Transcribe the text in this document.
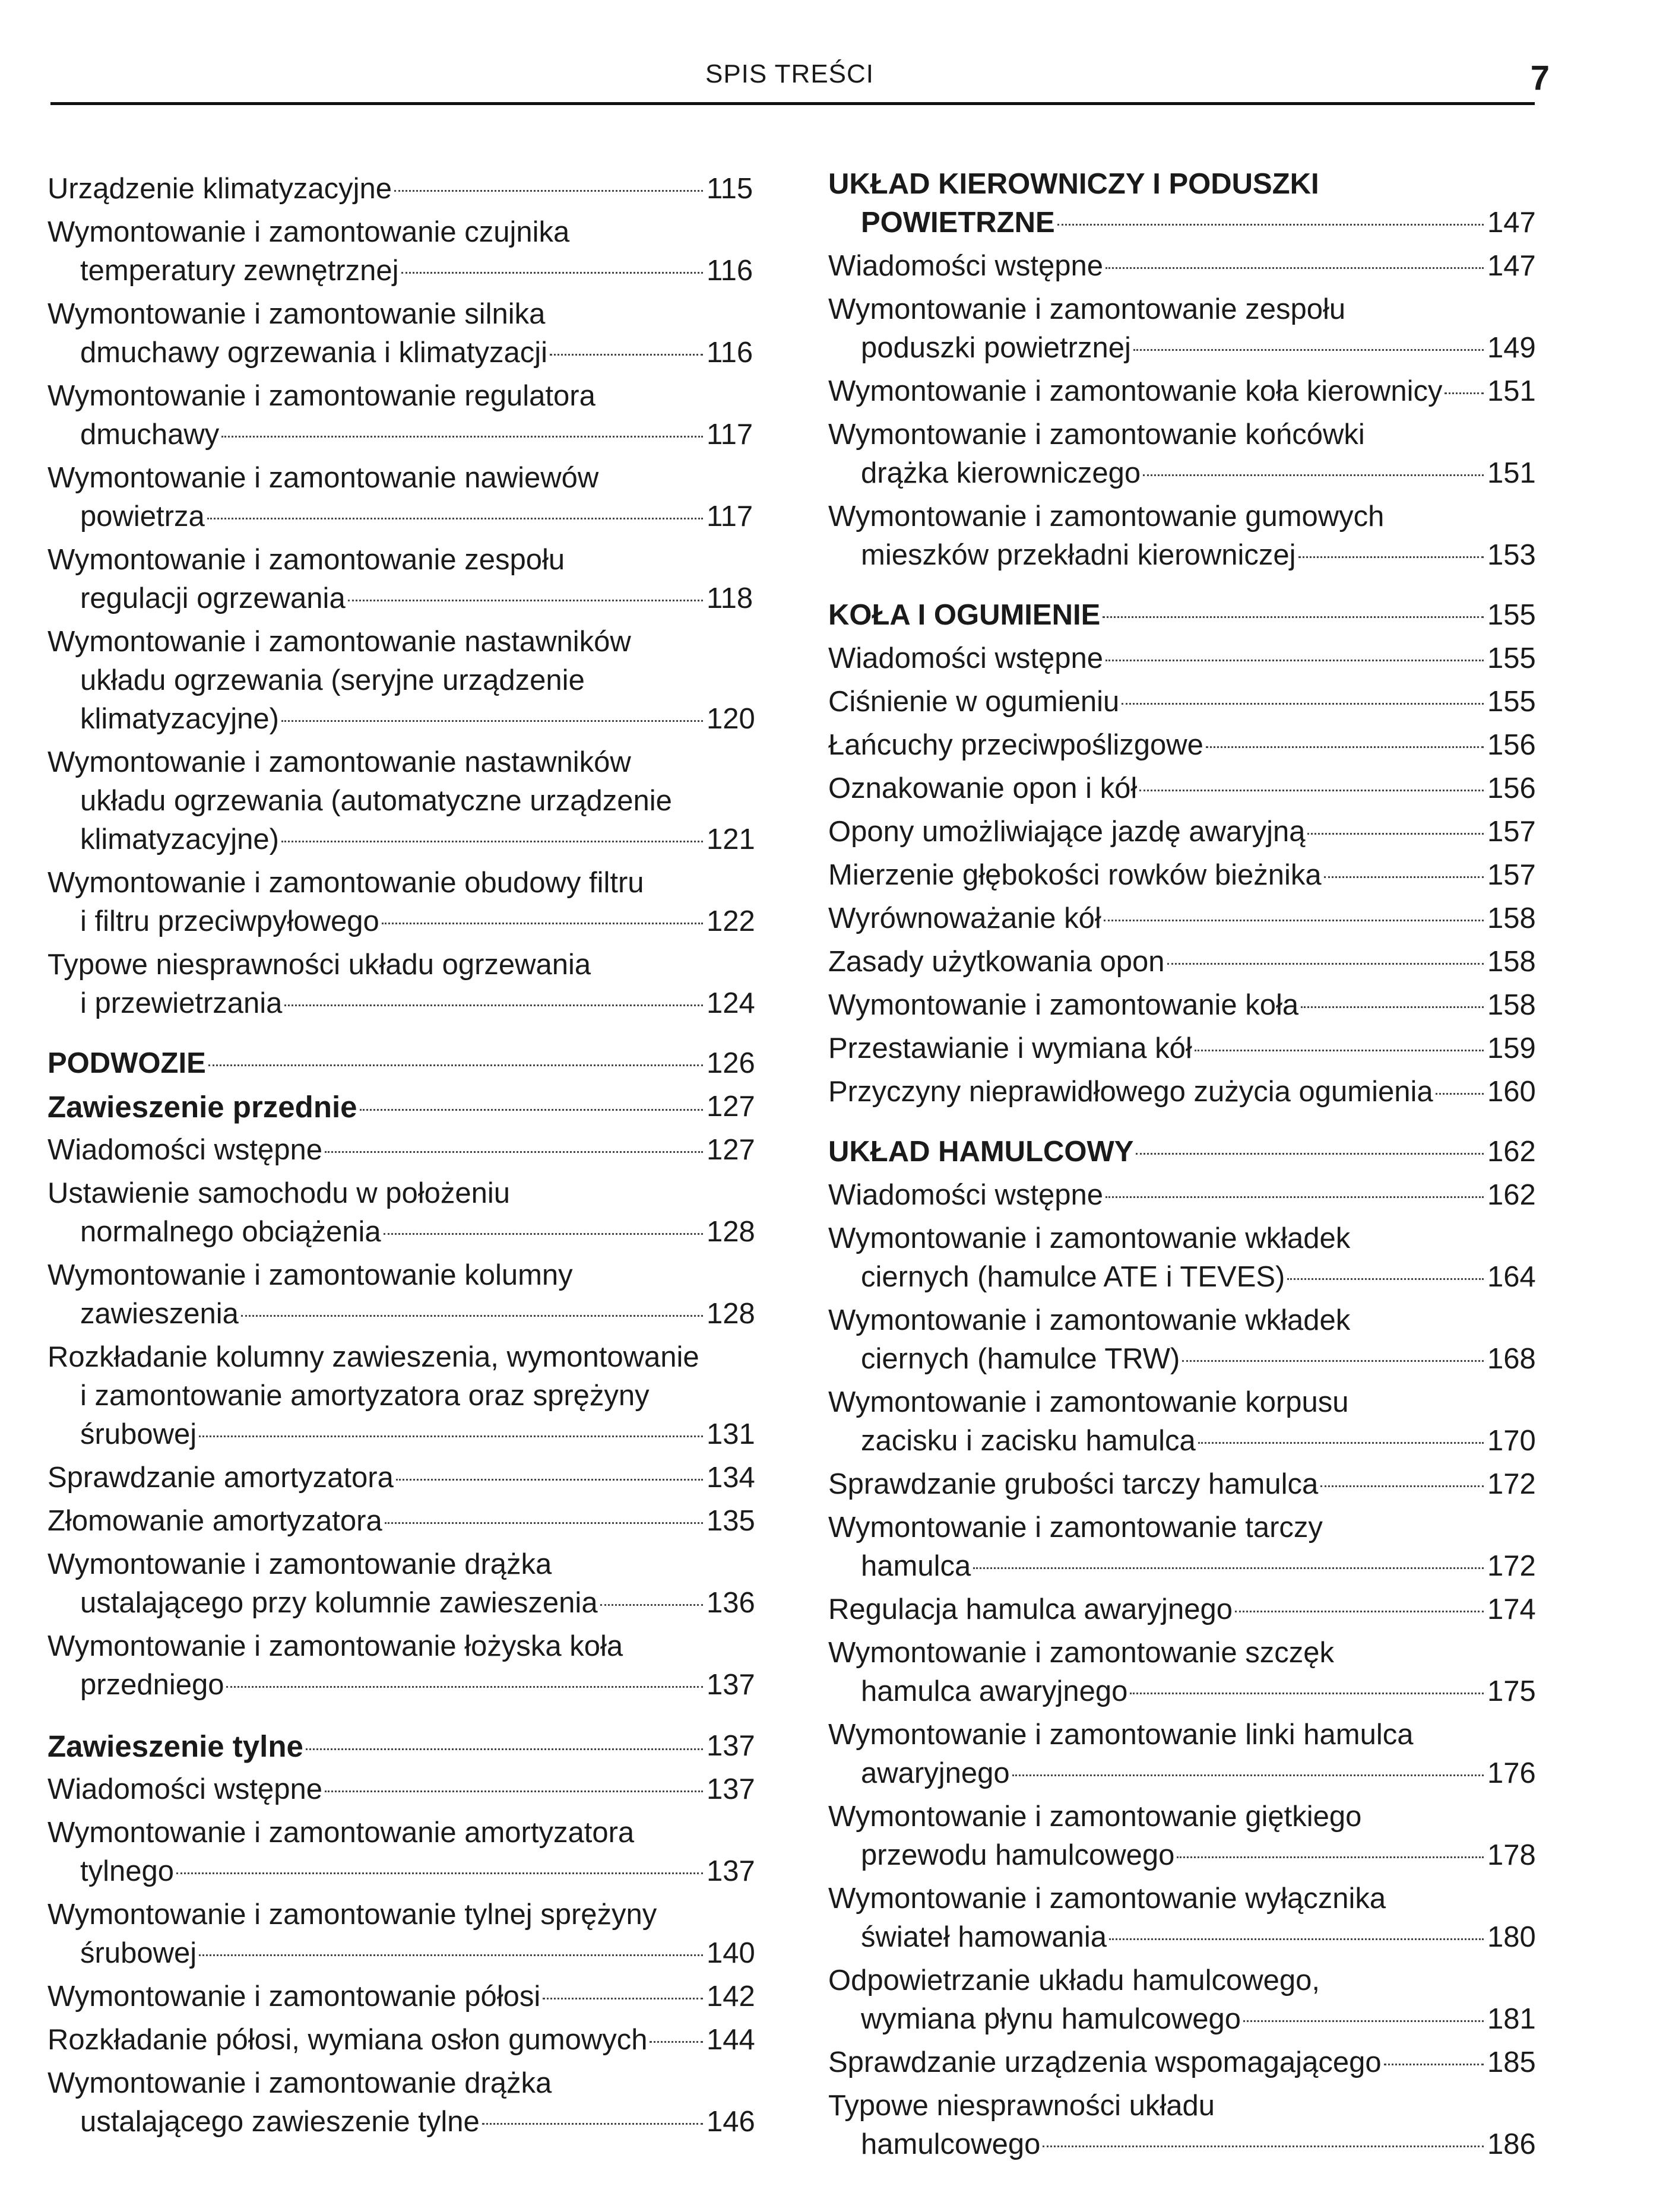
SPIS TREŚCI	7
Urządzenie klimatyzacyjne	115
Wymontowanie i zamontowanie czujnika
temperatury zewnętrznej	116
Wymontowanie i zamontowanie silnika
dmuchawy ogrzewania i klimatyzacji	116
Wymontowanie i zamontowanie regulatora
dmuchawy	117
Wymontowanie i zamontowanie nawiewów
powietrza	117
Wymontowanie i zamontowanie zespołu
regulacji ogrzewania	118
Wymontowanie i zamontowanie nastawników
układu ogrzewania (seryjne urządzenie
klimatyzacyjne)	120
Wymontowanie i zamontowanie nastawników
układu ogrzewania (automatyczne urządzenie
klimatyzacyjne)	121
Wymontowanie i zamontowanie obudowy filtru
i filtru przeciwpyłowego	122
Typowe niesprawności układu ogrzewania
i przewietrzania	124
PODWOZIE	126
Zawieszenie przednie	127
Wiadomości wstępne	127
Ustawienie samochodu w położeniu
normalnego obciążenia	128
Wymontowanie i zamontowanie kolumny
zawieszenia	128
Rozkładanie kolumny zawieszenia, wymontowanie
i zamontowanie amortyzatora oraz sprężyny
śrubowej	131
Sprawdzanie amortyzatora	134
Złomowanie amortyzatora	135
Wymontowanie i zamontowanie drążka
ustalającego przy kolumnie zawieszenia	136
Wymontowanie i zamontowanie łożyska koła
przedniego	137
Zawieszenie tylne	137
Wiadomości wstępne	137
Wymontowanie i zamontowanie amortyzatora
tylnego	137
Wymontowanie i zamontowanie tylnej sprężyny
śrubowej	140
Wymontowanie i zamontowanie półosi	142
Rozkładanie półosi, wymiana osłon gumowych 144
Wymontowanie i zamontowanie drążka
ustalającego zawieszenie tylne	146
UKŁAD KIEROWNICZY I PODUSZKI
POWIETRZNE	147
Wiadomości wstępne	147
Wymontowanie i zamontowanie zespołu
poduszki powietrznej	149
Wymontowanie i zamontowanie koła kierownicy 151
Wymontowanie i zamontowanie końcówki
drążka kierowniczego	151
Wymontowanie i zamontowanie gumowych
mieszków przekładni kierowniczej	153
KOŁA I OGUMIENIE	155
Wiadomości wstępne	155
Ciśnienie w ogumieniu	155
Łańcuchy przeciwpoślizgowe	156
Oznakowanie opon i kół	156
Opony umożliwiające jazdę awaryjną	157
Mierzenie głębokości rowków bieżnika	157
Wyrównoważanie kół	158
Zasady użytkowania opon	158
Wymontowanie i zamontowanie koła	158
Przestawianie i wymiana kół	159
Przyczyny nieprawidłowego zużycia ogumienia 160
UKŁAD HAMULCOWY	162
Wiadomości wstępne	162
Wymontowanie i zamontowanie wkładek
ciernych (hamulce ATE i TEVES)	164
Wymontowanie i zamontowanie wkładek
ciernych (hamulce TRW)	168
Wymontowanie i zamontowanie korpusu
zacisku i zacisku hamulca	170
Sprawdzanie grubości tarczy hamulca	172
Wymontowanie i zamontowanie tarczy
hamulca	172
Regulacja hamulca awaryjnego	174
Wymontowanie i zamontowanie szczęk
hamulca awaryjnego	175
Wymontowanie i zamontowanie linki hamulca
awaryjnego	176
Wymontowanie i zamontowanie giętkiego
przewodu hamulcowego	178
Wymontowanie i zamontowanie wyłącznika
świateł hamowania	180
Odpowietrzanie układu hamulcowego,
wymiana płynu hamulcowego	181
Sprawdzanie urządzenia wspomagającego	185
Typowe niesprawności układu
hamulcowego	186
